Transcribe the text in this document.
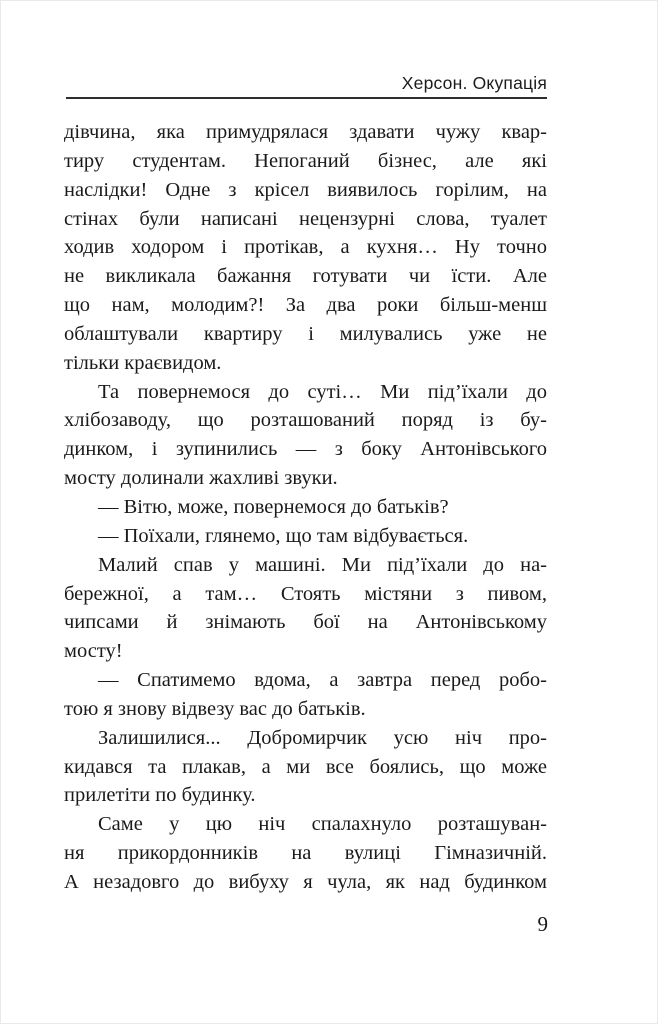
Херсон. Окупація
дівчина, яка примудрялася здавати чужу квар-
тиру студентам. Непоганий бізнес, але які
наслідки! Одне з крісел виявилось горілим, на
стінах були написані нецензурні слова, туалет
ходив ходором і протікав, а кухня… Ну точно
не викликала бажання готувати чи їсти. Але
що нам, молодим?! За два роки більш-менш
облаштували квартиру і милувались уже не
тільки краєвидом.
Та повернемося до суті… Ми під’їхали до
хлібозаводу, що розташований поряд із бу-
динком, і зупинились — з боку Антонівського
мосту долинали жахливі звуки.
— Вітю, може, повернемося до батьків?
— Поїхали, глянемо, що там відбувається.
Малий спав у машині. Ми під’їхали до на-
бережної, а там… Стоять містяни з пивом,
чипсами й знімають бої на Антонівському
мосту!
— Спатимемо вдома, а завтра перед робо-
тою я знову відвезу вас до батьків.
Залишилися... Добромирчик усю ніч про-
кидався та плакав, а ми все боялись, що може
прилетіти по будинку.
Саме у цю ніч спалахнуло розташуван-
ня прикордонників на вулиці Гімназичній.
А незадовго до вибуху я чула, як над будинком
9
